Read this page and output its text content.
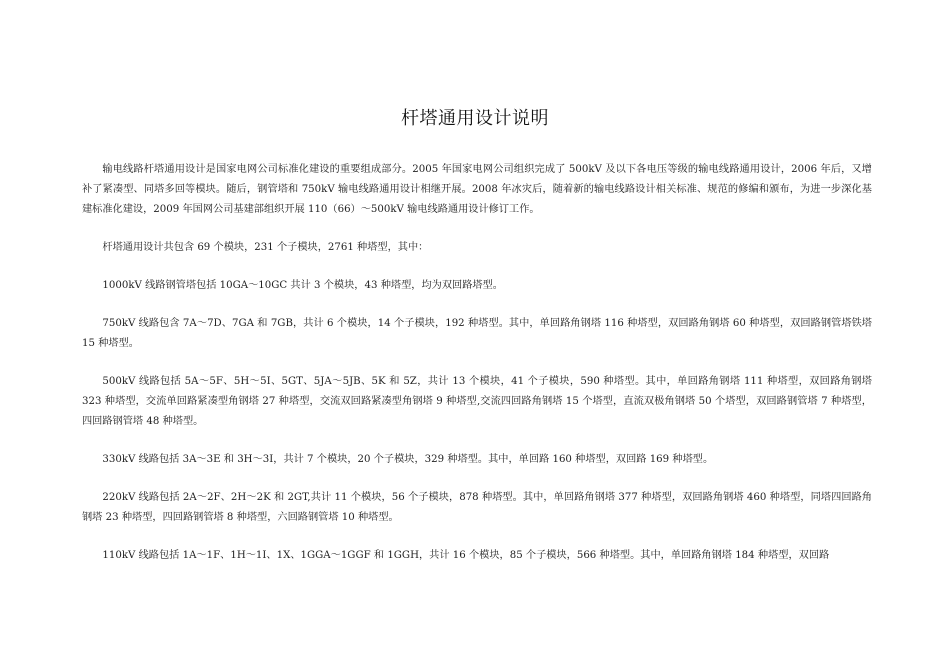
杆塔通用设计说明

输电线路杆塔通用设计是国家电网公司标准化建设的重要组成部分。2005 年国家电网公司组织完成了 500kV 及以下各电压等级的输电线路通用设计，2006 年后，又增补了紧凑型、同塔多回等模块。随后，钢管塔和 750kV 输电线路通用设计相继开展。2008 年冰灾后，随着新的输电线路设计相关标准、规范的修编和颁布，为进一步深化基建标准化建设，2009 年国网公司基建部组织开展 110（66）～500kV 输电线路通用设计修订工作。

杆塔通用设计共包含 69 个模块，231 个子模块，2761 种塔型，其中：

1000kV 线路钢管塔包括 10GA～10GC 共计 3 个模块，43 种塔型，均为双回路塔型。

750kV 线路包含 7A～7D、7GA 和 7GB，共计 6 个模块，14 个子模块，192 种塔型。其中，单回路角钢塔 116 种塔型，双回路角钢塔 60 种塔型，双回路钢管塔铁塔 15 种塔型。

500kV 线路包括 5A～5F、5H～5I、5GT、5JA～5JB、5K 和 5Z，共计 13 个模块，41 个子模块，590 种塔型。其中，单回路角钢塔 111 种塔型，双回路角钢塔 323 种塔型，交流单回路紧凑型角钢塔 27 种塔型，交流双回路紧凑型角钢塔 9 种塔型,交流四回路角钢塔 15 个塔型，直流双极角钢塔 50 个塔型，双回路钢管塔 7 种塔型，四回路钢管塔 48 种塔型。

330kV 线路包括 3A～3E 和 3H～3I，共计 7 个模块，20 个子模块，329 种塔型。其中，单回路 160 种塔型，双回路 169 种塔型。

220kV 线路包括 2A～2F、2H～2K 和 2GT,共计 11 个模块，56 个子模块，878 种塔型。其中，单回路角钢塔 377 种塔型，双回路角钢塔 460 种塔型，同塔四回路角钢塔 23 种塔型，四回路钢管塔 8 种塔型，六回路钢管塔 10 种塔型。

110kV 线路包括 1A～1F、1H～1I、1X、1GGA～1GGF 和 1GGH，共计 16 个模块，85 个子模块，566 种塔型。其中，单回路角钢塔 184 种塔型，双回路
